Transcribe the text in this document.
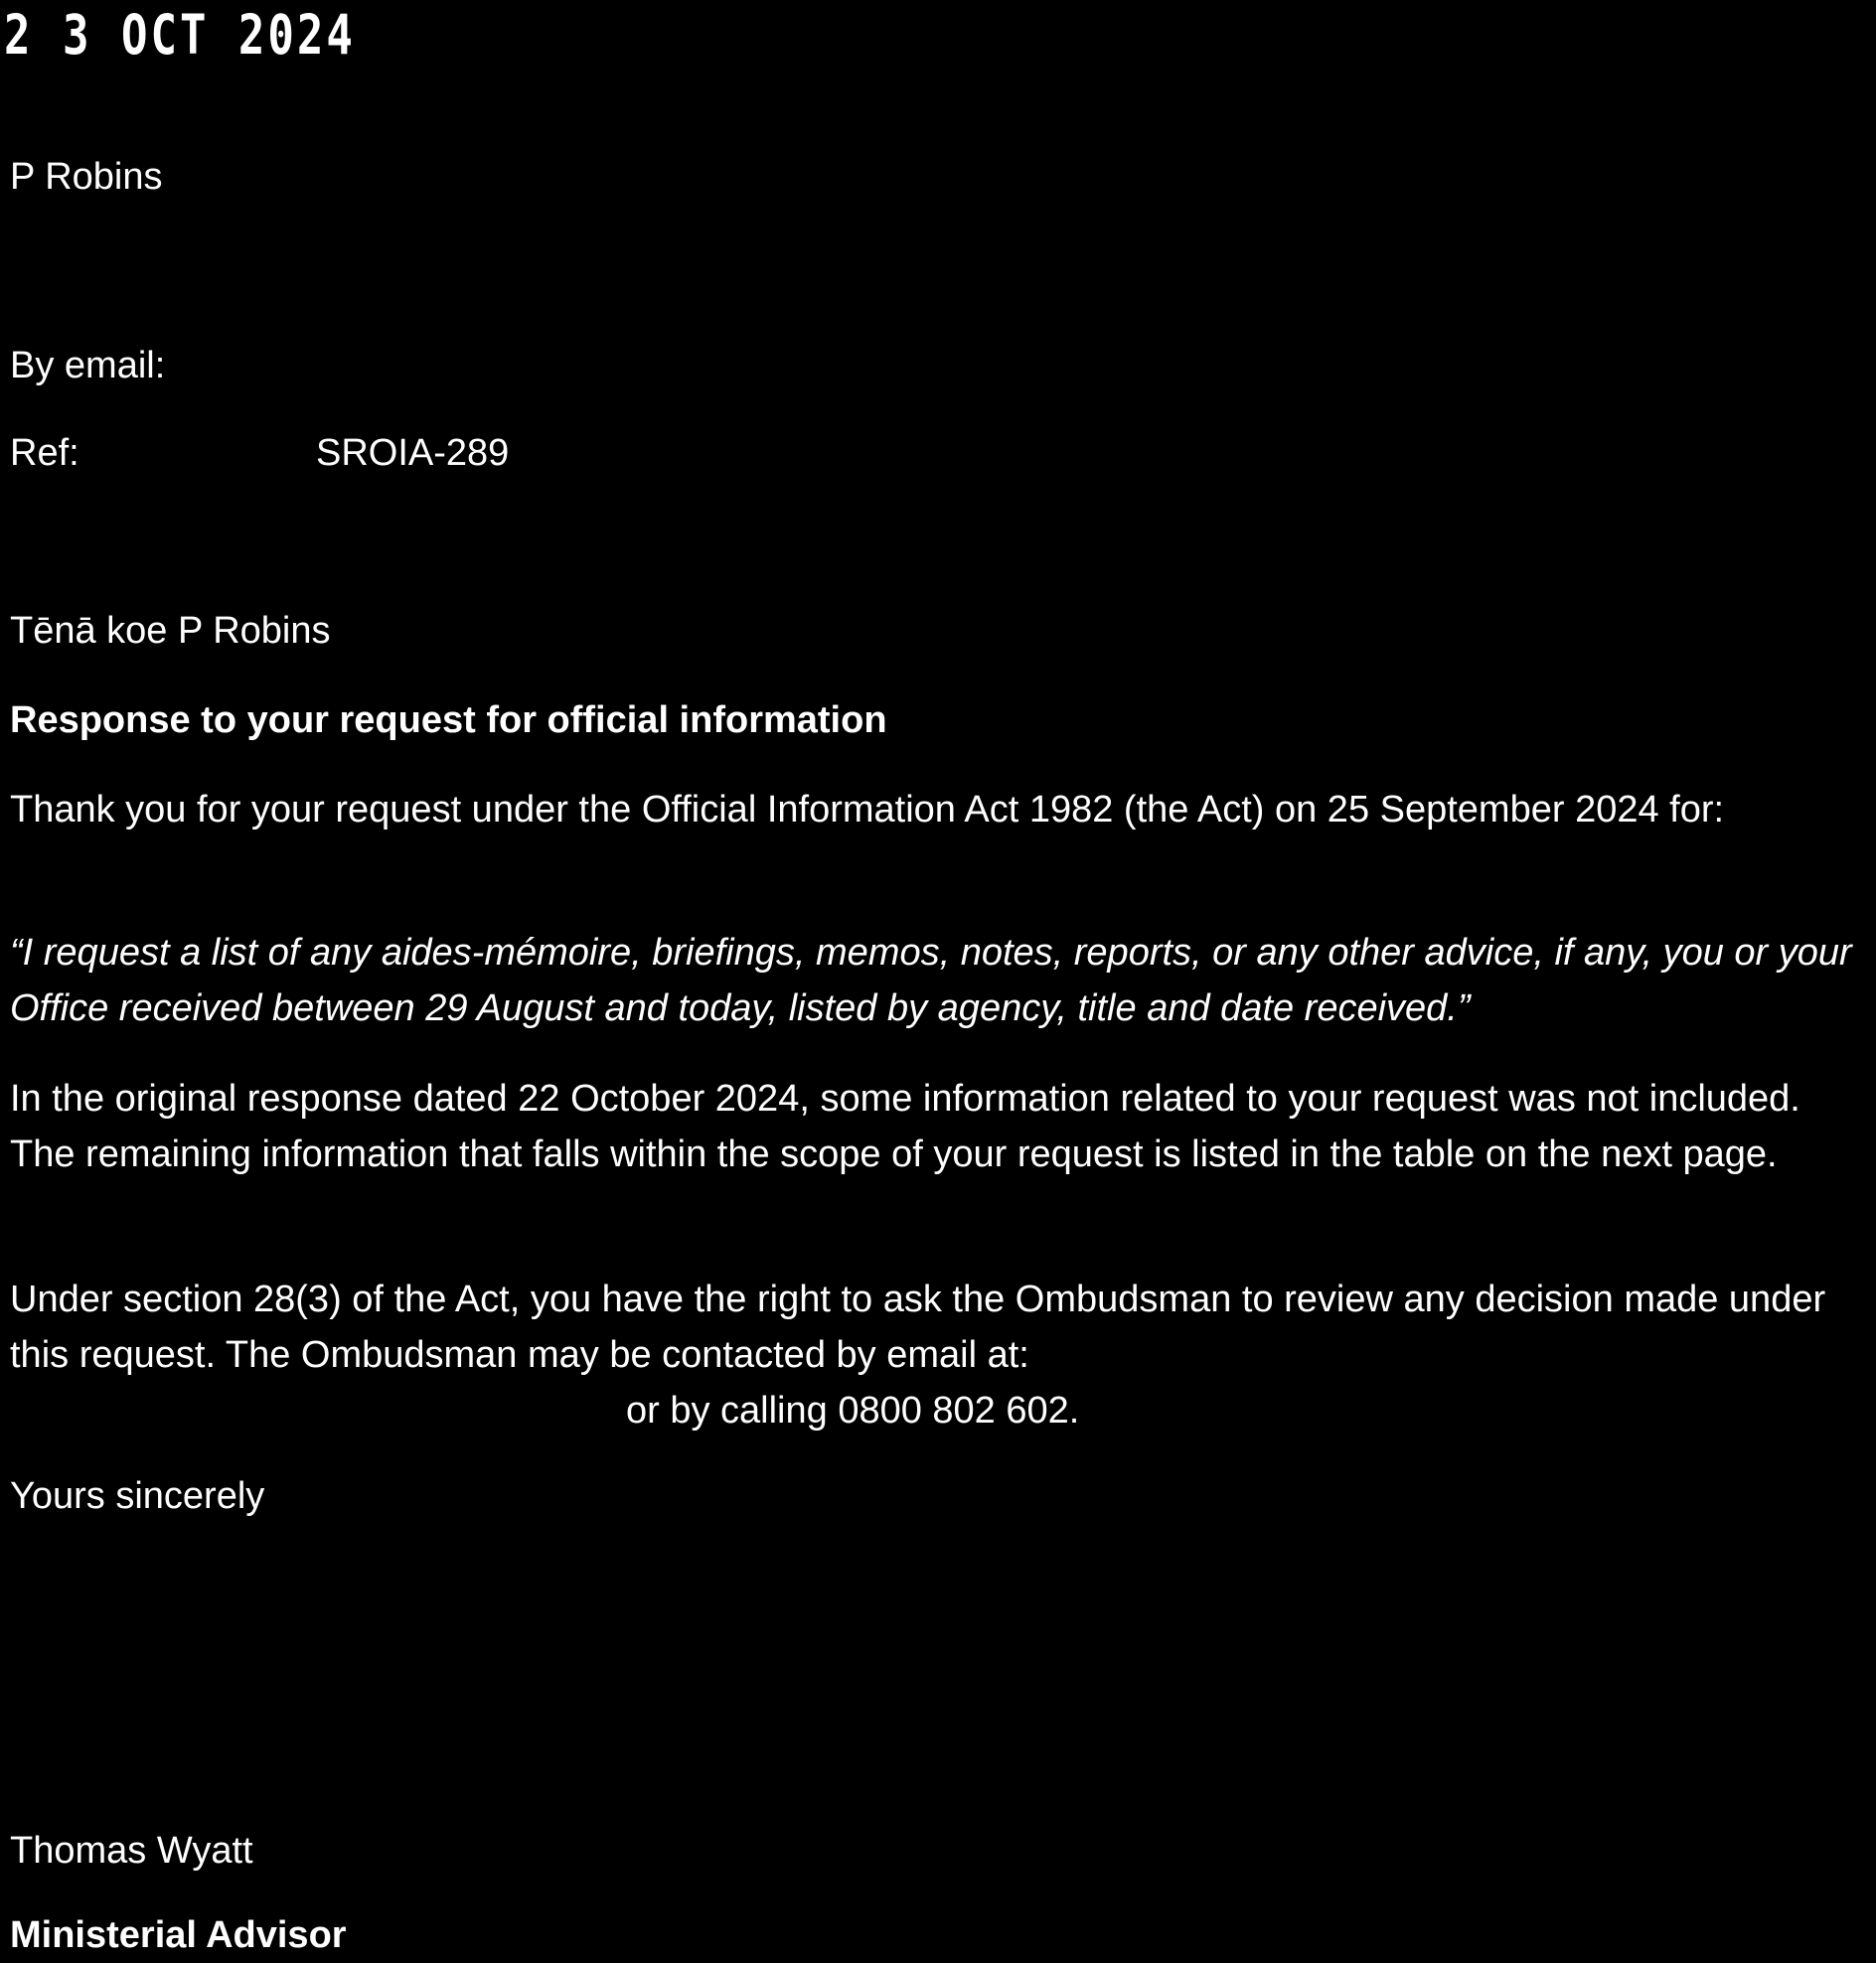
2 3 OCT 2024
P Robins
By email:
Ref:	SROIA-289
Tēnā koe P Robins
Response to your request for official information
Thank you for your request under the Official Information Act 1982 (the Act) on 25 September 2024 for:
“I request a list of any aides-mémoire, briefings, memos, notes, reports, or any other advice, if any, you or your Office received between 29 August and today, listed by agency, title and date received.”
In the original response dated 22 October 2024, some information related to your request was not included. The remaining information that falls within the scope of your request is listed in the table on the next page.
Under section 28(3) of the Act, you have the right to ask the Ombudsman to review any decision made under this request. The Ombudsman may be contacted by email at:
or by calling 0800 802 602.
Yours sincerely
Thomas Wyatt
Ministerial Advisor
